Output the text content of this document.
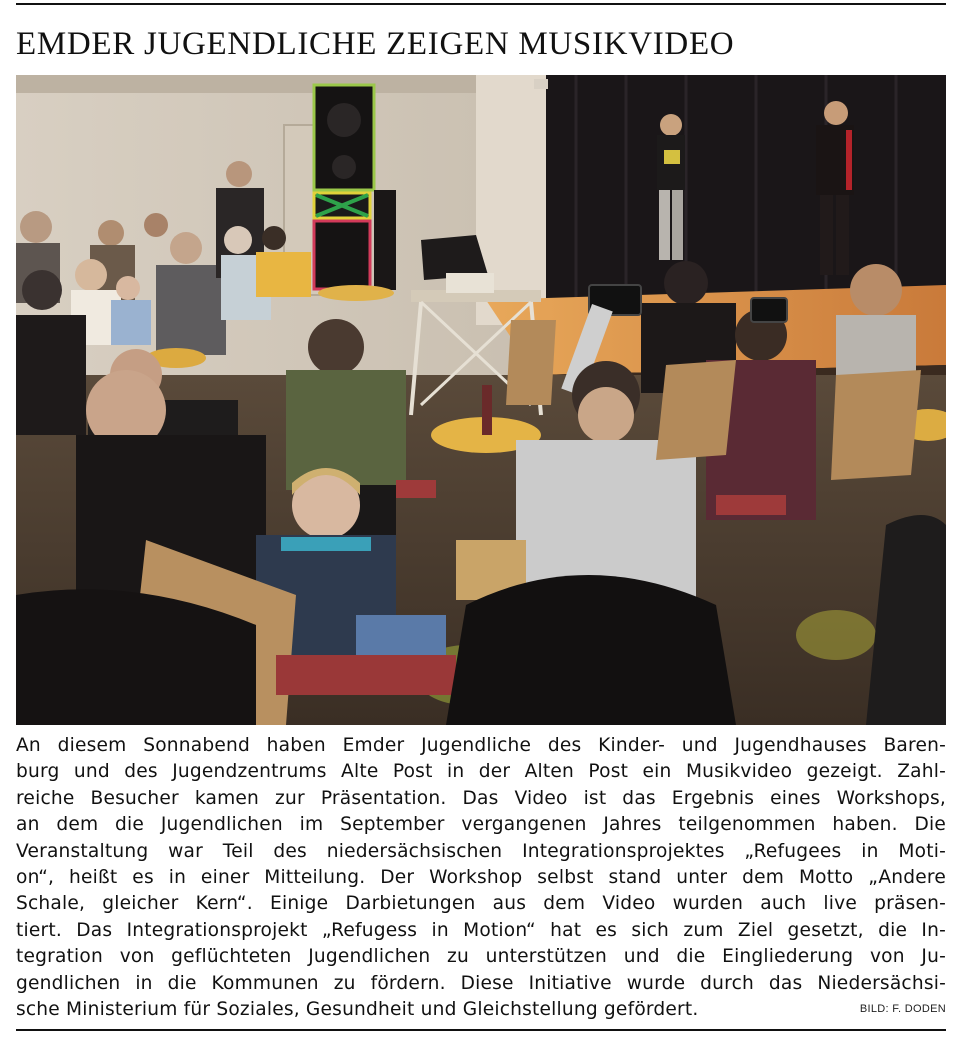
EMDER JUGENDLICHE ZEIGEN MUSIKVIDEO

An diesem Sonnabend haben Emder Jugendliche des Kinder- und Jugendhauses Baren-
burg und des Jugendzentrums Alte Post in der Alten Post ein Musikvideo gezeigt. Zahl-
reiche Besucher kamen zur Präsentation. Das Video ist das Ergebnis eines Workshops,
an dem die Jugendlichen im September vergangenen Jahres teilgenommen haben. Die
Veranstaltung war Teil des niedersächsischen Integrationsprojektes „Refugees in Moti-
on“, heißt es in einer Mitteilung. Der Workshop selbst stand unter dem Motto „Andere
Schale, gleicher Kern“. Einige Darbietungen aus dem Video wurden auch live präsen-
tiert. Das Integrationsprojekt „Refugess in Motion“ hat es sich zum Ziel gesetzt, die In-
tegration von geflüchteten Jugendlichen zu unterstützen und die Eingliederung von Ju-
gendlichen in die Kommunen zu fördern. Diese Initiative wurde durch das Niedersächsi-
sche Ministerium für Soziales, Gesundheit und Gleichstellung gefördert.	BILD: F. DODEN
